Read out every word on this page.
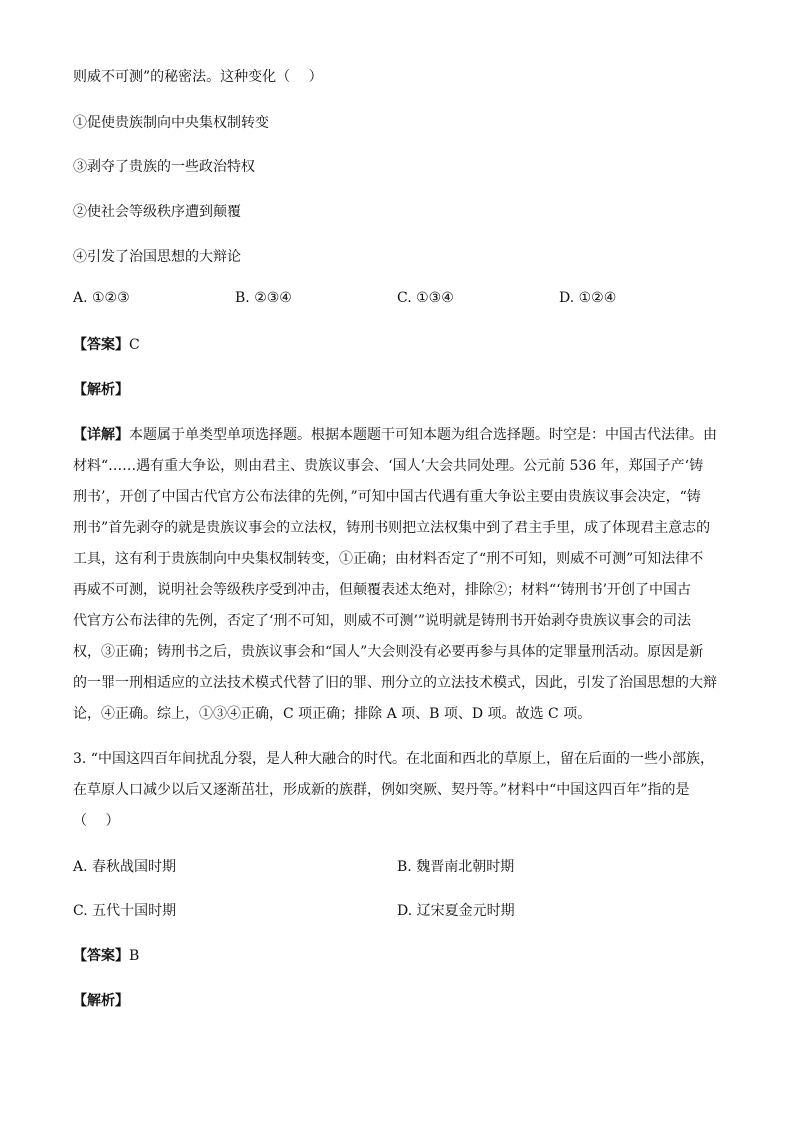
则威不可测”的秘密法。这种变化（　 ）
①促使贵族制向中央集权制转变
③剥夺了贵族的一些政治特权
②使社会等级秩序遭到颠覆
④引发了治国思想的大辩论
A. ①②③	B. ②③④	C. ①③④	D. ①②④
【答案】C
【解析】
【详解】本题属于单类型单项选择题。根据本题题干可知本题为组合选择题。时空是：中国古代法律。由
材料“……遇有重大争讼，则由君主、贵族议事会、‘国人’大会共同处理。公元前 536 年，郑国子产‘铸
刑书’，开创了中国古代官方公布法律的先例，”可知中国古代遇有重大争讼主要由贵族议事会决定，“铸
刑书”首先剥夺的就是贵族议事会的立法权，铸刑书则把立法权集中到了君主手里，成了体现君主意志的
工具，这有利于贵族制向中央集权制转变，①正确；由材料否定了“刑不可知，则威不可测”可知法律不
再威不可测，说明社会等级秩序受到冲击，但颠覆表述太绝对，排除②；材料“‘铸刑书’开创了中国古
代官方公布法律的先例，否定了‘刑不可知，则威不可测’”说明就是铸刑书开始剥夺贵族议事会的司法
权，③正确；铸刑书之后，贵族议事会和“国人”大会则没有必要再参与具体的定罪量刑活动。原因是新
的一罪一刑相适应的立法技术模式代替了旧的罪、刑分立的立法技术模式，因此，引发了治国思想的大辩
论，④正确。综上，①③④正确，C 项正确；排除 A 项、B 项、D 项。故选 C 项。
3. “中国这四百年间扰乱分裂，是人种大融合的时代。在北面和西北的草原上，留在后面的一些小部族，
在草原人口减少以后又逐渐茁壮，形成新的族群，例如突厥、契丹等。”材料中“中国这四百年”指的是
（　 ）
A. 春秋战国时期	B. 魏晋南北朝时期
C. 五代十国时期	D. 辽宋夏金元时期
【答案】B
【解析】
